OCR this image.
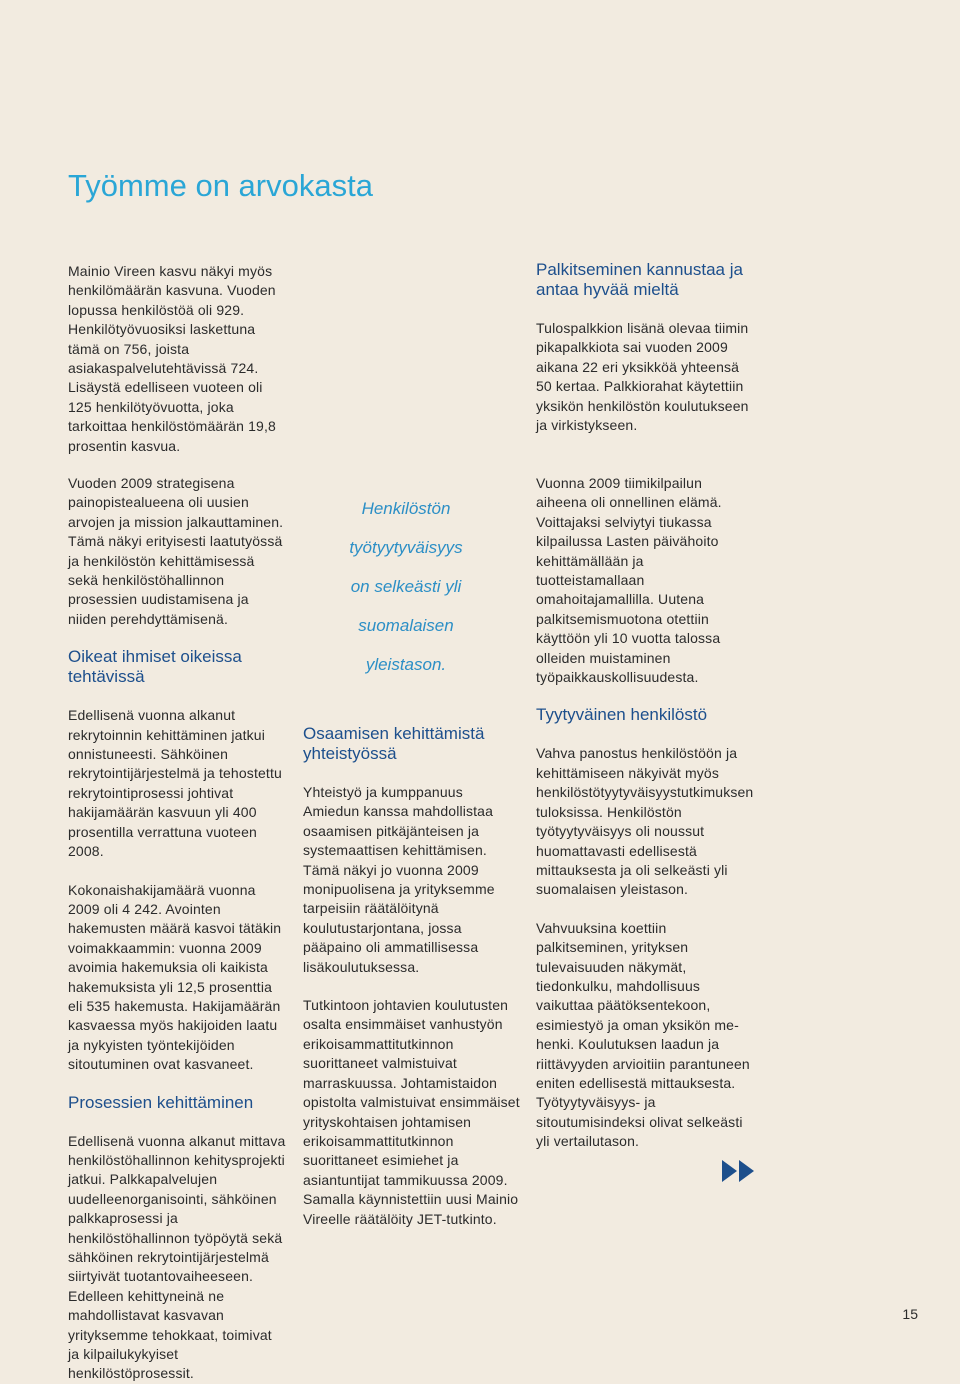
Työmme on arvokasta

Mainio Vireen kasvu näkyi myös henkilömäärän kasvuna. Vuoden lopussa henkilöstöä oli 929. Henkilötyövuosiksi laskettuna tämä on 756, joista asiakaspalvelutehtävissä 724. Lisäystä edelliseen vuoteen oli 125 henkilötyövuotta, joka tarkoittaa henkilöstömäärän 19,8 prosentin kasvua.

Vuoden 2009 strategisena painopistealueena oli uusien arvojen ja mission jalkauttaminen. Tämä näkyi erityisesti laatutyössä ja henkilöstön kehittämisessä sekä henkilöstöhallinnon prosessien uudistamisena ja niiden perehdyttämisenä.

Oikeat ihmiset oikeissa tehtävissä

Edellisenä vuonna alkanut rekrytoinnin kehittäminen jatkui onnistuneesti. Sähköinen rekrytointijärjestelmä ja tehostettu rekrytointiprosessi johtivat hakijamäärän kasvuun yli 400 prosentilla verrattuna vuoteen 2008.

Kokonaishakijamäärä vuonna 2009 oli 4 242. Avointen hakemusten määrä kasvoi tätäkin voimakkaammin: vuonna 2009 avoimia hakemuksia oli kaikista hakemuksista yli 12,5 prosenttia eli 535 hakemusta. Hakijamäärän kasvaessa myös hakijoiden laatu ja nykyisten työntekijöiden sitoutuminen ovat kasvaneet.

Prosessien kehittäminen

Edellisenä vuonna alkanut mittava henkilöstöhallinnon kehitysprojekti jatkui. Palkkapalvelujen uudelleenorganisointi, sähköinen palkkaprosessi ja henkilöstöhallinnon työpöytä sekä sähköinen rekrytointijärjestelmä siirtyivät tuotantovaiheeseen. Edelleen kehittyneinä ne mahdollistavat kasvavan yrityksemme tehokkaat, toimivat ja kilpailukykyiset henkilöstöprosessit.

Henkilöstön
työtyytyväisyys
on selkeästi yli
suomalaisen
yleistason.
Osaamisen kehittämistä yhteistyössä

Yhteistyö ja kumppanuus Amiedun kanssa mahdollistaa osaamisen pitkäjänteisen ja systemaattisen kehittämisen. Tämä näkyi jo vuonna 2009 monipuolisena ja yrityksemme tarpeisiin räätälöitynä koulutustarjontana, jossa pääpaino oli ammatillisessa lisäkoulutuksessa.

Tutkintoon johtavien koulutusten osalta ensimmäiset vanhustyön erikoisammattitutkinnon suorittaneet valmistuivat marraskuussa. Johtamistaidon opistolta valmistuivat ensimmäiset yrityskohtaisen johtamisen erikoisammattitutkinnon suorittaneet esimiehet ja asiantuntijat tammikuussa 2009. Samalla käynnistettiin uusi Mainio Vireelle räätälöity JET-tutkinto.

Palkitseminen kannustaa ja antaa hyvää mieltä

Tulospalkkion lisänä olevaa tiimin pikapalkkiota sai vuoden 2009 aikana 22 eri yksikköä yhteensä 50 kertaa. Palkkiorahat käytettiin yksikön henkilöstön koulutukseen ja virkistykseen.

Vuonna 2009 tiimikilpailun aiheena oli onnellinen elämä. Voittajaksi selviytyi tiukassa kilpailussa Lasten päivähoito kehittämällään ja tuotteistamallaan omahoitajamallilla. Uutena palkitsemismuotona otettiin käyttöön yli 10 vuotta talossa olleiden muistaminen työpaikkauskollisuudesta.

Tyytyväinen henkilöstö

Vahva panostus henkilöstöön ja kehittämiseen näkyivät myös henkilöstötyytyväisyystutkimuksen tuloksissa. Henkilöstön työtyytyväisyys oli noussut huomattavasti edellisestä mittauksesta ja oli selkeästi yli suomalaisen yleistason.

Vahvuuksina koettiin palkitseminen, yrityksen tulevaisuuden näkymät, tiedonkulku, mahdollisuus vaikuttaa päätöksentekoon, esimiestyö ja oman yksikön me-henki. Koulutuksen laadun ja riittävyyden arvioitiin parantuneen eniten edellisestä mittauksesta. Työtyytyväisyys- ja sitoutumisindeksi olivat selkeästi yli vertailutason.

15
